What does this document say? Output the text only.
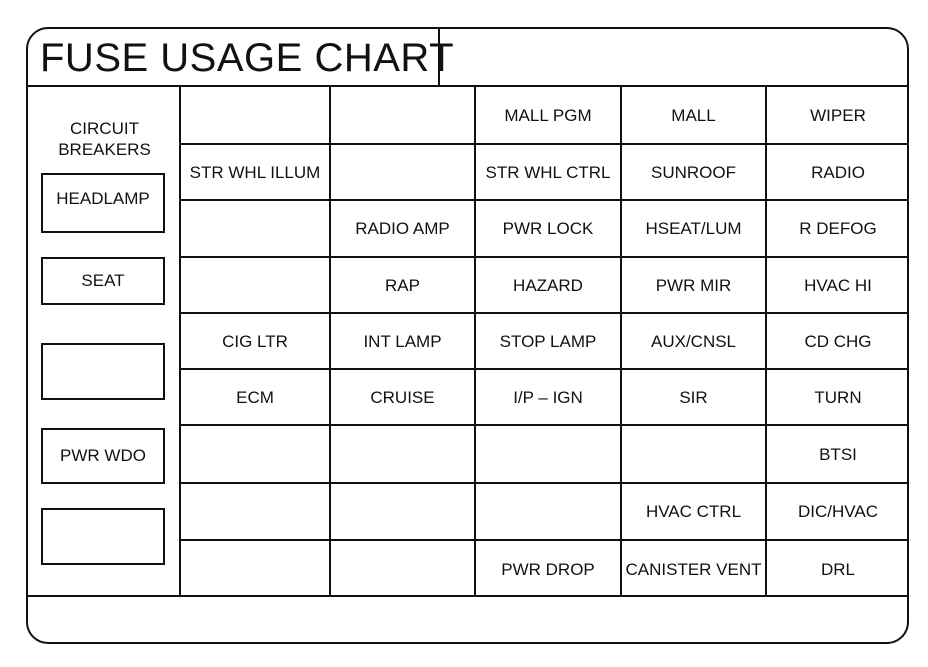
FUSE USAGE CHART
CIRCUIT
BREAKERS
HEADLAMP
SEAT
PWR WDO
		MALL PGM	MALL	WIPER
STR WHL ILLUM		STR WHL CTRL	SUNROOF	RADIO
	RADIO AMP	PWR LOCK	HSEAT/LUM	R DEFOG
	RAP	HAZARD	PWR MIR	HVAC HI
CIG LTR	INT LAMP	STOP LAMP	AUX/CNSL	CD CHG
ECM	CRUISE	I/P – IGN	SIR	TURN
				BTSI
			HVAC CTRL	DIC/HVAC
		PWR DROP	CANISTER VENT	DRL
